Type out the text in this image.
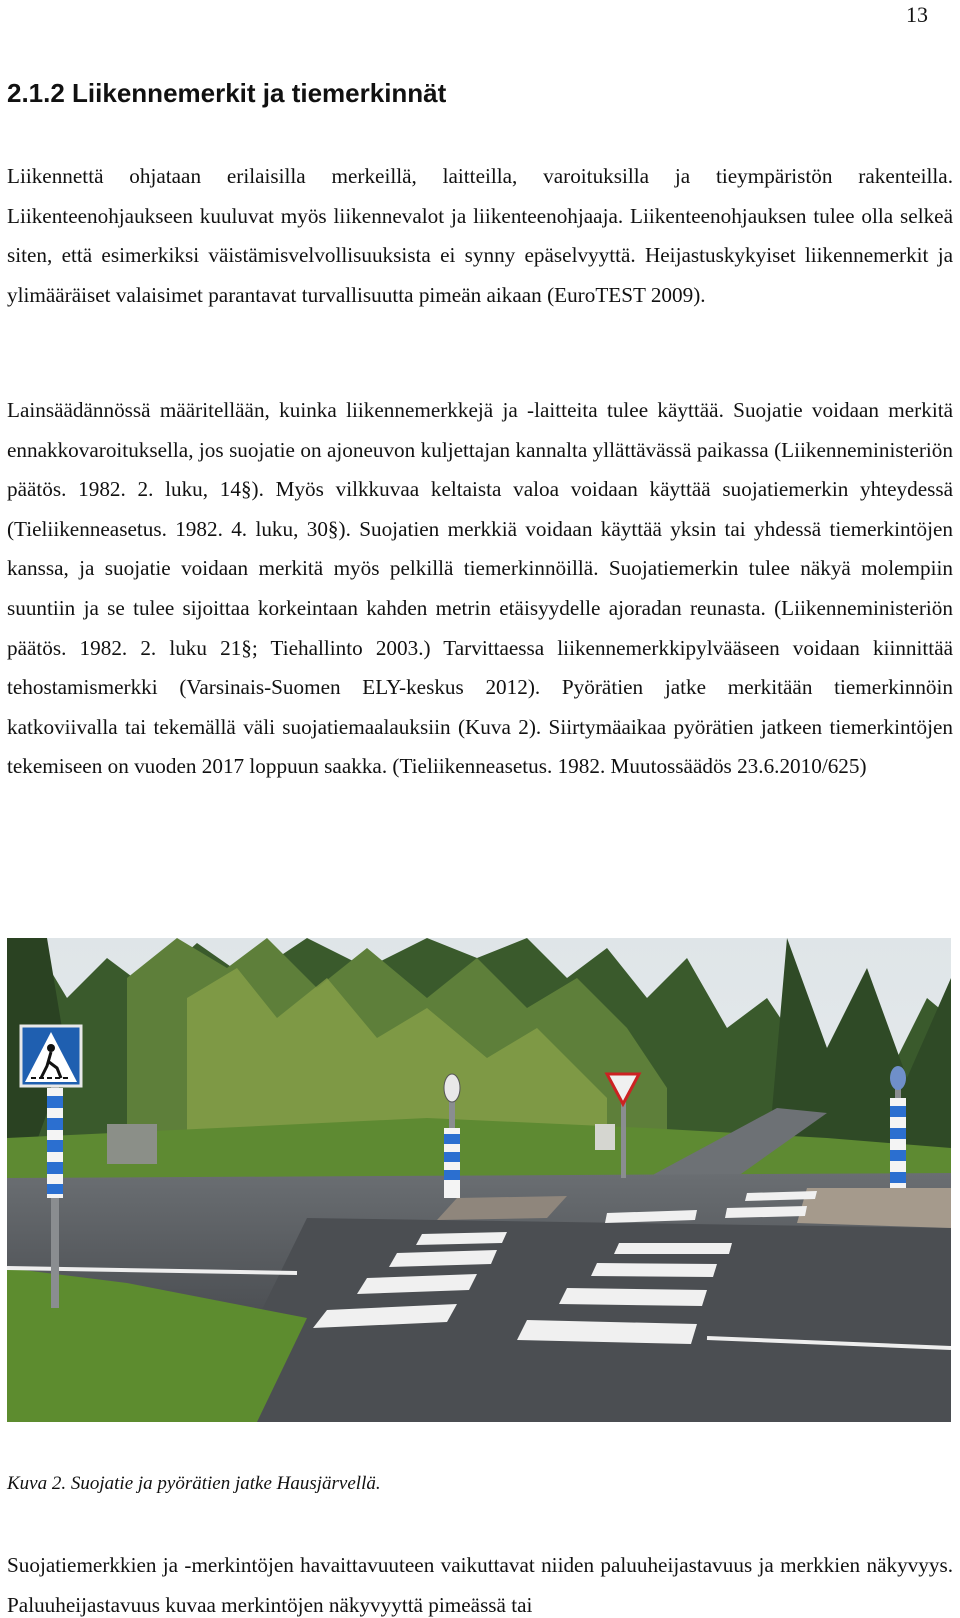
13
2.1.2 Liikennemerkit ja tiemerkinnät

Liikennettä ohjataan erilaisilla merkeillä, laitteilla, varoituksilla ja tieympäristön rakenteilla. Liikenteenohjaukseen kuuluvat myös liikennevalot ja liikenteenohjaaja. Liikenteenohjauksen tulee olla selkeä siten, että esimerkiksi väistämisvelvollisuuksista ei synny epäselvyyttä. Heijastuskykyiset liikennemerkit ja ylimääräiset valaisimet parantavat turvallisuutta pimeän aikaan (EuroTEST 2009).

Lainsäädännössä määritellään, kuinka liikennemerkkejä ja -laitteita tulee käyttää. Suojatie voidaan merkitä ennakkovaroituksella, jos suojatie on ajoneuvon kuljettajan kannalta yllättävässä paikassa (Liikenneministeriön päätös. 1982. 2. luku, 14§). Myös vilkkuvaa keltaista valoa voidaan käyttää suojatiemerkin yhteydessä (Tieliikenneasetus. 1982. 4. luku, 30§). Suojatien merkkiä voidaan käyttää yksin tai yhdessä tiemerkintöjen kanssa, ja suojatie voidaan merkitä myös pelkillä tiemerkinnöillä. Suojatiemerkin tulee näkyä molempiin suuntiin ja se tulee sijoittaa korkeintaan kahden metrin etäisyydelle ajoradan reunasta. (Liikenneministeriön päätös. 1982. 2. luku 21§; Tiehallinto 2003.) Tarvittaessa liikennemerkkipylvääseen voidaan kiinnittää tehostamismerkki (Varsinais-Suomen ELY-keskus 2012). Pyörätien jatke merkitään tiemerkinnöin katkoviivalla tai tekemällä väli suojatiemaalauksiin (Kuva 2). Siirtymäaikaa pyörätien jatkeen tiemerkintöjen tekemiseen on vuoden 2017 loppuun saakka. (Tieliikenneasetus. 1982. Muutossäädös 23.6.2010/625)

Kuva 2. Suojatie ja pyörätien jatke Hausjärvellä.

Suojatiemerkkien ja -merkintöjen havaittavuuteen vaikuttavat niiden paluuheijastavuus ja merkkien näkyvyys. Paluuheijastavuus kuvaa merkintöjen näkyvyyttä pimeässä tai
